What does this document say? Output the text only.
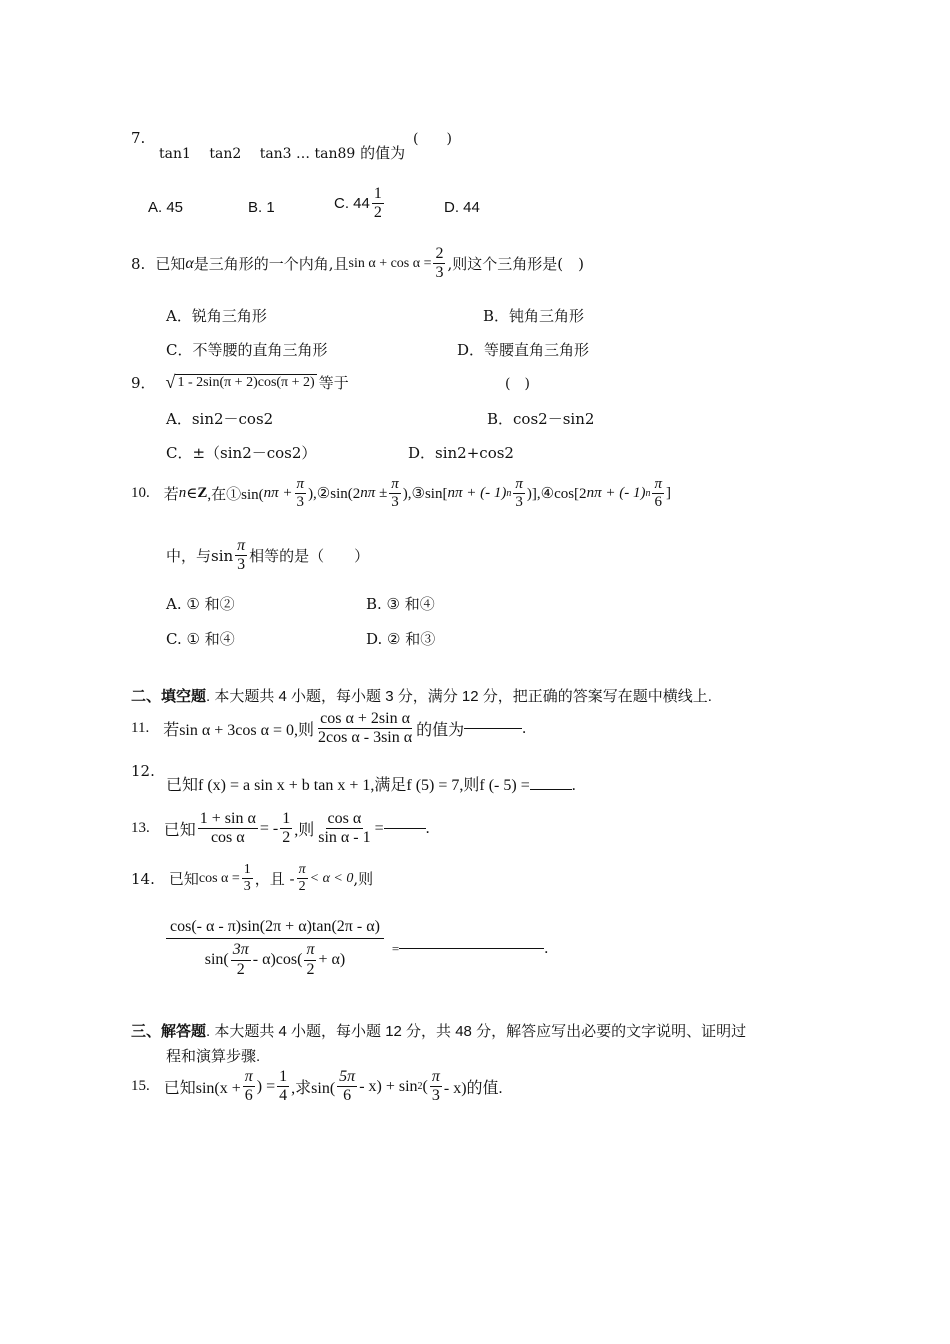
7.
tan1  tan2  tan3 … tan89 的值为
(　　)
A. 45	B. 1	C. $44 \frac{1}{2}$	D. 44
8. 已知 α 是三角形的一个内角,且 $\sin \alpha + \cos \alpha = \frac{2}{3}$ ,则这个三角形是(　)
A．锐角三角形	B．钝角三角形
C．不等腰的直角三角形	D．等腰直角三角形
9． √ 1 - 2sin(π + 2)cos(π + 2) 等于	(　)
A．sin2－cos2	B．cos2－sin2
C．±（sin2－cos2）	D．sin2+cos2
10. 若 n ∈ Z ,在①sin( $n\pi + \frac{\pi}{3}$ ),②sin(2 $n\pi \pm \frac{\pi}{3}$ ),③sin[ nπ + (- 1) n $\frac{\pi}{3}$ )],④cos[2 nπ + (- 1) n $\frac{\pi}{6}$ ]
中，与$\sin \frac{\pi}{3}$ 相等的是（　　）
A. ① 和②	B. ③ 和④
C. ① 和④	D. ② 和③
二、填空题. 本大题共 4 小题，每小题 3 分，满分 12 分，把正确的答案写在题中横线上.
11. 若sin α + 3cos α = 0,则 $\frac{\text{cos α + 2sin α}}{\text{2cos α - 3sin α}}$ 的值为	.
12.
已知f (x) = a sin x + b tan x + 1,满足f (5) = 7,则f (- 5) =	.
13. 已知 $\frac{\text{1 + sin α}}{\text{cos α}}$ = - $\frac{1}{2}$ ,则 $\frac{\text{cos α}}{\text{sin α - 1}}$ =	.
14. 已知 $\cos \alpha = \frac{1}{3}$ ，且 - $\frac{\pi}{2} < \alpha < 0$ ,则
$\frac{\cos(- \alpha - \pi)\sin(2\pi + \alpha)\tan(2\pi - \alpha)}{\sin( \frac{3\pi}{2} - \alpha)\cos( \frac{\pi}{2} + \alpha)}$ =	.
三、解答题. 本大题共 4 小题，每小题 12 分，共 48 分，解答应写出必要的文字说明、证明过
程和演算步骤.
15. 已知$\sin(x + \frac{\pi}{6}$ ) = $\frac{1}{4}$ ,求$\sin( \frac{5\pi}{6} - x) + \sin 2$ ( $\frac{\pi}{3} - x$)的值.
